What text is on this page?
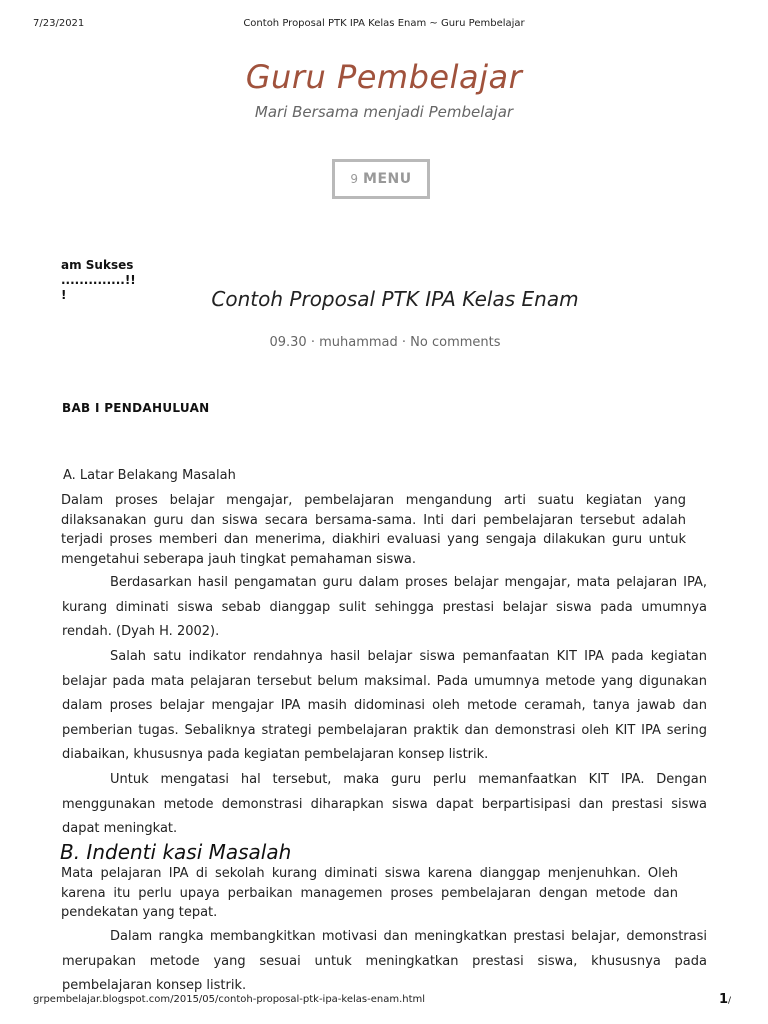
7/23/2021	Contoh Proposal PTK IPA Kelas Enam ~ Guru Pembelajar
Guru Pembelajar
Mari Bersama menjadi Pembelajar
9 MENU
am Sukses
..............!!
!	Contoh Proposal PTK IPA Kelas Enam
09.30 · muhammad · No comments
BAB I PENDAHULUAN
A. Latar Belakang Masalah
Dalam proses belajar mengajar, pembelajaran mengandung arti suatu kegiatan yang dilaksanakan guru dan siswa secara bersama-sama. Inti dari pembelajaran tersebut adalah terjadi proses memberi dan menerima, diakhiri evaluasi yang sengaja dilakukan guru untuk mengetahui seberapa jauh tingkat pemahaman siswa.
Berdasarkan hasil pengamatan guru dalam proses belajar mengajar, mata pelajaran IPA, kurang diminati siswa sebab dianggap sulit sehingga prestasi belajar siswa pada umumnya rendah. (Dyah H. 2002).
Salah satu indikator rendahnya hasil belajar siswa pemanfaatan KIT IPA pada kegiatan belajar pada mata pelajaran tersebut belum maksimal. Pada umumnya metode yang digunakan dalam proses belajar mengajar IPA masih didominasi oleh metode ceramah, tanya jawab dan pemberian tugas. Sebaliknya strategi pembelajaran praktik dan demonstrasi oleh KIT IPA sering diabaikan, khususnya pada kegiatan pembelajaran konsep listrik.
Untuk mengatasi hal tersebut, maka guru perlu memanfaatkan KIT IPA. Dengan menggunakan metode demonstrasi diharapkan siswa dapat berpartisipasi dan prestasi siswa dapat meningkat.
B. Indenti kasi Masalah
Mata pelajaran IPA di sekolah kurang diminati siswa karena dianggap menjenuhkan. Oleh karena itu perlu upaya perbaikan managemen proses pembelajaran dengan metode dan pendekatan yang tepat.
Dalam rangka membangkitkan motivasi dan meningkatkan prestasi belajar, demonstrasi merupakan metode yang sesuai untuk meningkatkan prestasi siswa, khususnya pada pembelajaran konsep listrik.
grpembelajar.blogspot.com/2015/05/contoh-proposal-ptk-ipa-kelas-enam.html	1/
